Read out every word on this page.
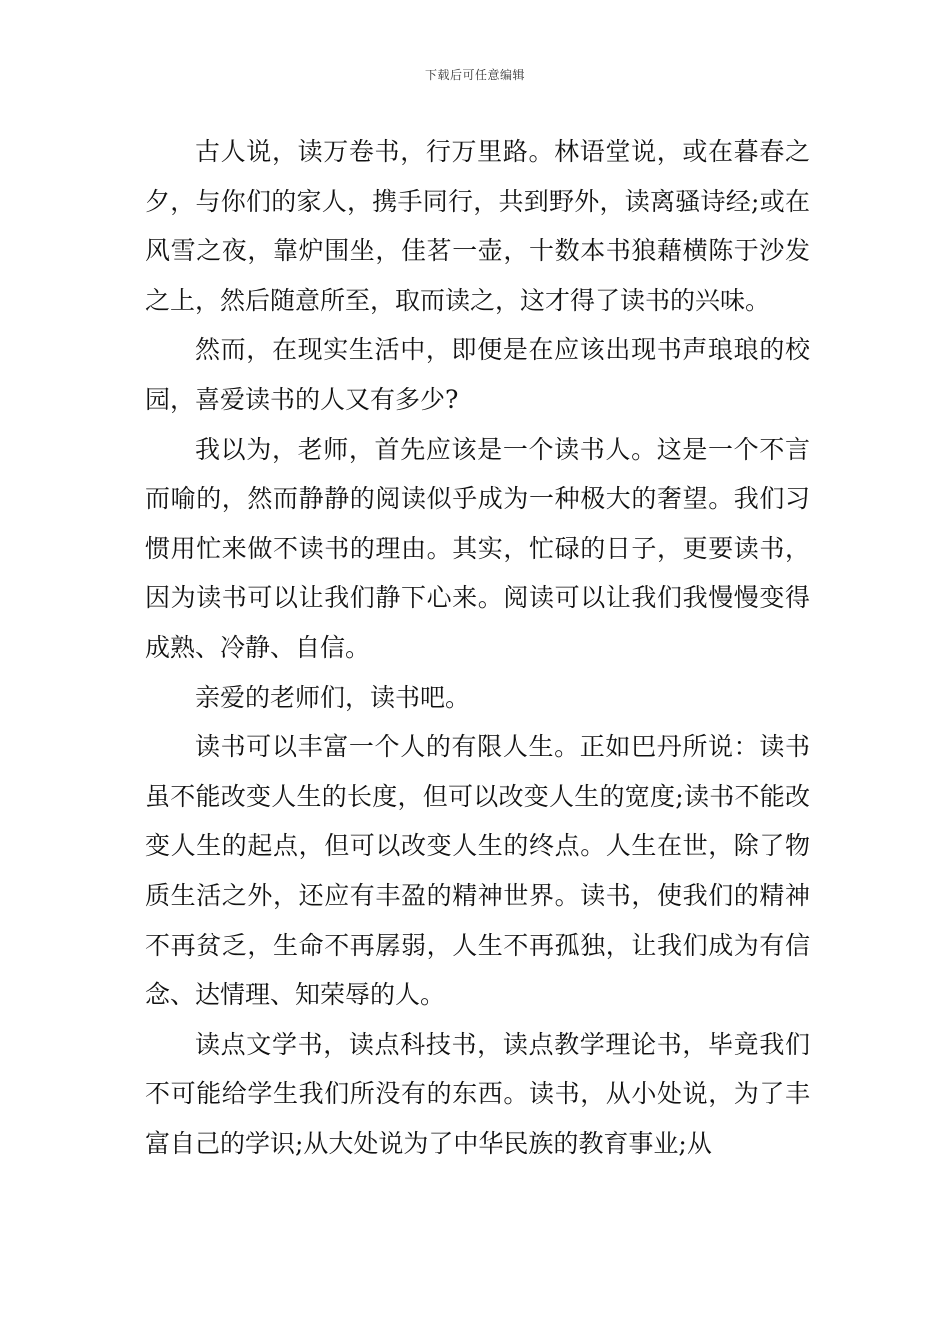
下载后可任意编辑

古人说，读万卷书，行万里路。林语堂说，或在暮春之夕，与你们的家人，携手同行，共到野外，读离骚诗经;或在风雪之夜，靠炉围坐，佳茗一壶，十数本书狼藉横陈于沙发之上，然后随意所至，取而读之，这才得了读书的兴味。

然而，在现实生活中，即便是在应该出现书声琅琅的校园，喜爱读书的人又有多少?

我以为，老师，首先应该是一个读书人。这是一个不言而喻的，然而静静的阅读似乎成为一种极大的奢望。我们习惯用忙来做不读书的理由。其实，忙碌的日子，更要读书，因为读书可以让我们静下心来。阅读可以让我们我慢慢变得成熟、冷静、自信。

亲爱的老师们，读书吧。

读书可以丰富一个人的有限人生。正如巴丹所说：读书虽不能改变人生的长度，但可以改变人生的宽度;读书不能改变人生的起点，但可以改变人生的终点。人生在世，除了物质生活之外，还应有丰盈的精神世界。读书，使我们的精神不再贫乏，生命不再孱弱，人生不再孤独，让我们成为有信念、达情理、知荣辱的人。

读点文学书，读点科技书，读点教学理论书，毕竟我们不可能给学生我们所没有的东西。读书，从小处说，为了丰富自己的学识;从大处说为了中华民族的教育事业;从
